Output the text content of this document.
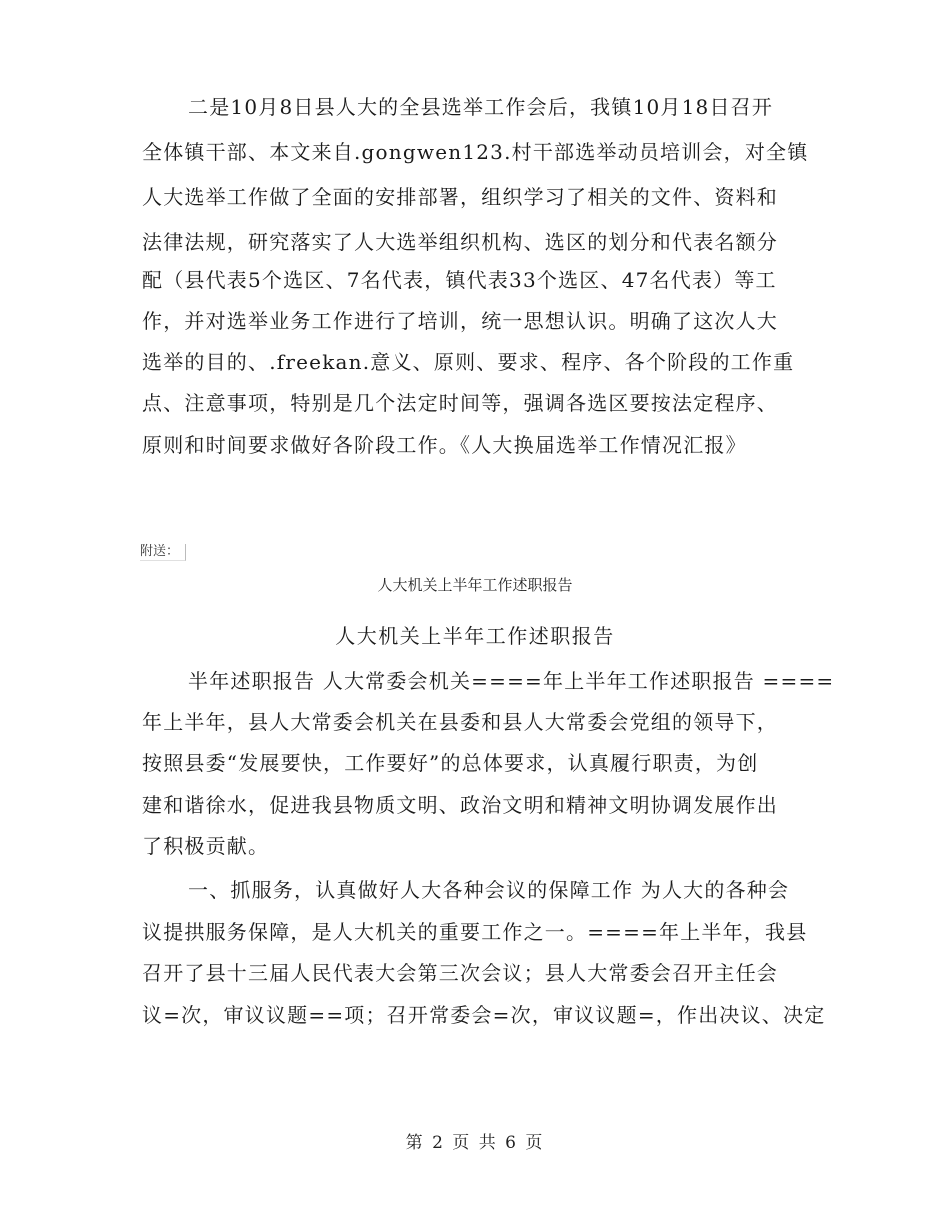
二是10月8日县人大的全县选举工作会后，我镇10月18日召开
全体镇干部、本文来自.gongwen123.村干部选举动员培训会，对全镇
人大选举工作做了全面的安排部署，组织学习了相关的文件、资料和
法律法规，研究落实了人大选举组织机构、选区的划分和代表名额分
配（县代表5个选区、7名代表，镇代表33个选区、47名代表）等工
作，并对选举业务工作进行了培训，统一思想认识。明确了这次人大
选举的目的、.freekan.意义、原则、要求、程序、各个阶段的工作重
点、注意事项，特别是几个法定时间等，强调各选区要按法定程序、
原则和时间要求做好各阶段工作。《人大换届选举工作情况汇报》
附送：
人大机关上半年工作述职报告
人大机关上半年工作述职报告
半年述职报告 人大常委会机关====年上半年工作述职报告 ====
年上半年，县人大常委会机关在县委和县人大常委会党组的领导下，
按照县委“发展要快，工作要好”的总体要求，认真履行职责，为创
建和谐徐水，促进我县物质文明、政治文明和精神文明协调发展作出
了积极贡献。
一、抓服务，认真做好人大各种会议的保障工作 为人大的各种会
议提拱服务保障，是人大机关的重要工作之一。====年上半年，我县
召开了县十三届人民代表大会第三次会议；县人大常委会召开主任会
议=次，审议议题==项；召开常委会=次，审议议题=，作出决议、决定
第 2 页 共 6 页
